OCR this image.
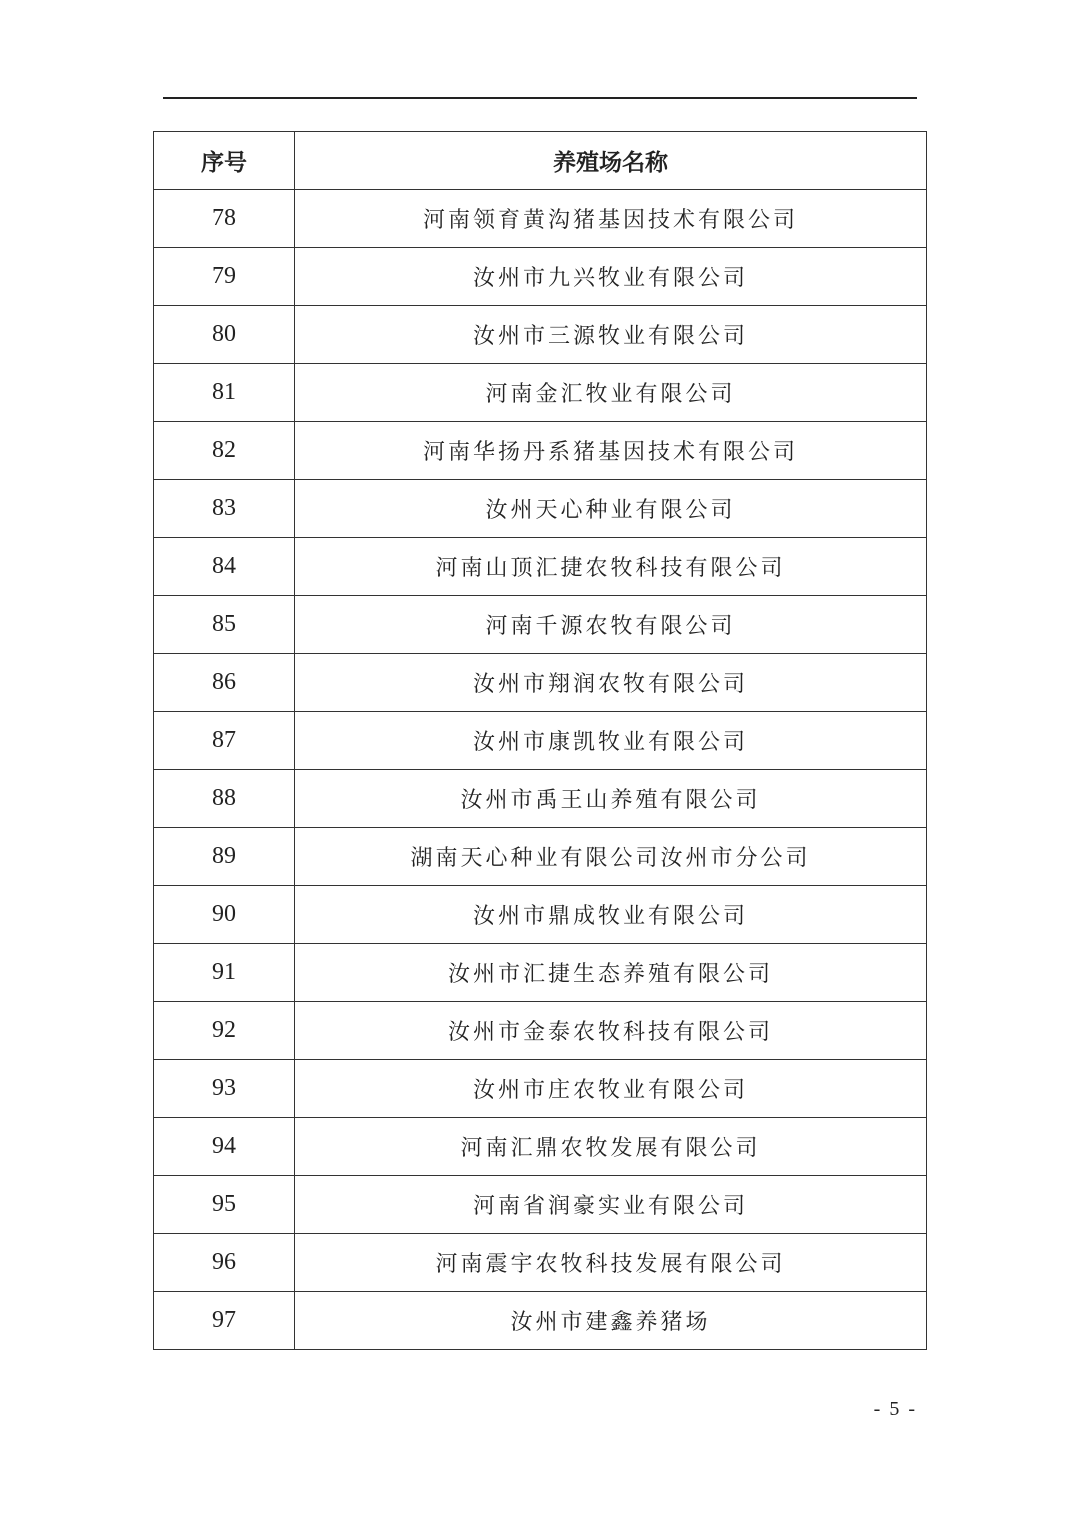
序号	养殖场名称
78	河南领育黄沟猪基因技术有限公司
79	汝州市九兴牧业有限公司
80	汝州市三源牧业有限公司
81	河南金汇牧业有限公司
82	河南华扬丹系猪基因技术有限公司
83	汝州天心种业有限公司
84	河南山顶汇捷农牧科技有限公司
85	河南千源农牧有限公司
86	汝州市翔润农牧有限公司
87	汝州市康凯牧业有限公司
88	汝州市禹王山养殖有限公司
89	湖南天心种业有限公司汝州市分公司
90	汝州市鼎成牧业有限公司
91	汝州市汇捷生态养殖有限公司
92	汝州市金泰农牧科技有限公司
93	汝州市庄农牧业有限公司
94	河南汇鼎农牧发展有限公司
95	河南省润豪实业有限公司
96	河南震宇农牧科技发展有限公司
97	汝州市建鑫养猪场
- 5 -
